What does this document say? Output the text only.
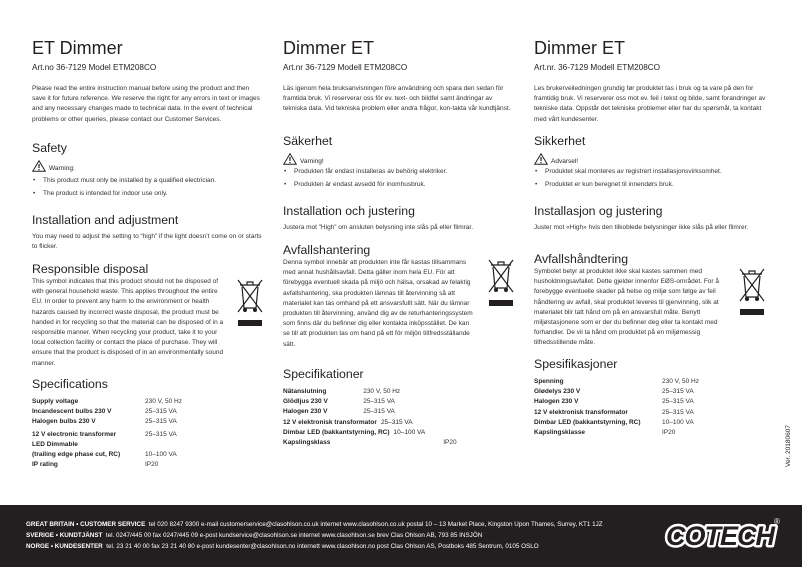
ET Dimmer
Art.no 36-7129 Model ETM208CO

Please read the entire instruction manual before using the product and then save it for future reference. We reserve the right for any errors in text or images and any necessary changes made to technical data. In the event of technical problems or other queries, please contact our Customer Services.

Safety
Warning:
• This product must only be installed by a qualified electrician.
• The product is intended for indoor use only.
Installation and adjustment

You may need to adjust the setting to “high” if the light doesn’t come on or starts to flicker.

Responsible disposal

This symbol indicates that this product should not be disposed of with general household waste. This applies throughout the entire EU. In order to prevent any harm to the environment or health hazards caused by incorrect waste disposal, the product must be handed in for recycling so that the material can be disposed of in a responsible manner. When recycling your product, take it to your local collection facility or contact the place of purchase. They will ensure that the product is disposed of in an environmentally sound manner.

Specifications
Supply voltage	230 V, 50 Hz
Incandescent bulbs 230 V	25–315 VA
Halogen bulbs 230 V	25–315 VA

12 V electronic transformer	25–315 VA
LED Dimmable	
(trailing edge phase cut, RC)	10–100 VA
IP rating	IP20
Dimmer ET
Art.nr 36-7129 Modell ETM208CO

Läs igenom hela bruksanvisningen före användning och spara den sedan för framtida bruk. Vi reserverar oss för ev. text- och bildfel samt ändringar av tekniska data. Vid tekniska problem eller andra frågor, kon-takta vår kundtjänst.

Säkerhet
Varning!
• Produkten får endast installeras av behörig elektriker.
• Produkten är endast avsedd för inomhusbruk.
Installation och justering

Justera mot ”High” om ansluten belysning inte slås på eller flimrar.

Avfallshantering

Denna symbol innebär att produkten inte får kastas tillsammans med annat hushållsavfall. Detta gäller inom hela EU. För att förebygga eventuell skada på miljö och hälsa, orsakad av felaktig avfallshantering, ska produkten lämnas till återvinning så att materialet kan tas omhand på ett ansvarsfullt sätt. När du lämnar produkten till återvinning, använd dig av de returhanteringssystem som finns där du befinner dig eller kontakta inköpsstället. De kan se till att produkten tas om hand på ett för miljön tillfredsställande sätt.

Specifikationer
Nätanslutning	230 V, 50 Hz	
Glödljus 230 V	25–315 VA	
Halogen 230 V	25–315 VA	
12 V elektronisk transformator 25–315 VA		
Dimbar LED (bakkantstyrning, RC) 10–100 VA		
Kapslingsklass		IP20
Dimmer ET
Art.nr. 36-7129 Modell ETM208CO

Les brukerveiledningen grundig før produktet tas i bruk og ta vare på den for framtidig bruk. Vi reserverer oss mot ev. feil i tekst og bilde, samt forandringer av tekniske data. Oppstår det tekniske problemer eller har du spørsmål, ta kontakt med vårt kundesenter.

Sikkerhet
Advarsel!
• Produktet skal monteres av registrert installasjonsvirksomhet.
• Produktet er kun beregnet til innendørs bruk.
Installasjon og justering

Juster mot «High» hvis den tilkoblede belysninger ikke slås på eller flimrer.

Avfallshåndtering

Symbolet betyr at produktet ikke skal kastes sammen med husholdningsavfallet. Dette gjelder innenfor EØS-området. For å forebygge eventuelle skader på helse og miljø som følge av feil håndtering av avfall, skal produktet leveres til gjenvinning, slik at materialet blir tatt hånd om på en ansvarsfull måte. Benytt miljøstasjonene som er der du befinner deg eller ta kontakt med forhandler. De vil ta hånd om produktet på en miljømessig tilfredsstillende måte.

Spesifikasjoner
Spenning	230 V, 50 Hz
Glødelys 230 V	25–315 VA
Halogen 230 V	25–315 VA
12 V elektronisk transformator	25–315 VA
Dimbar LED (bakkantstyrning, RC)	10–100 VA
Kapslingsklasse	IP20	Ver. 20180607
GREAT BRITAIN • CUSTOMER SERVICE tel 020 8247 9300 e-mail customerservice@clasohlson.co.uk internet www.clasohlson.co.uk postal 10 – 13 Market Place, Kingston Upon Thames, Surrey, KT1 1JZ
SVERIGE • KUNDTJÄNST tel. 0247/445 00 fax 0247/445 09 e-post kundservice@clasohlson.se internet www.clasohlson.se brev Clas Ohlson AB, 793 85 INSJÖN
NORGE • KUNDESENTER tel. 23 21 40 00 fax 23 21 40 80 e-post kundesenter@clasohlson.no internett www.clasohlson.no post Clas Ohlson AS, Postboks 485 Sentrum, 0105 OSLO	COTECH ®
